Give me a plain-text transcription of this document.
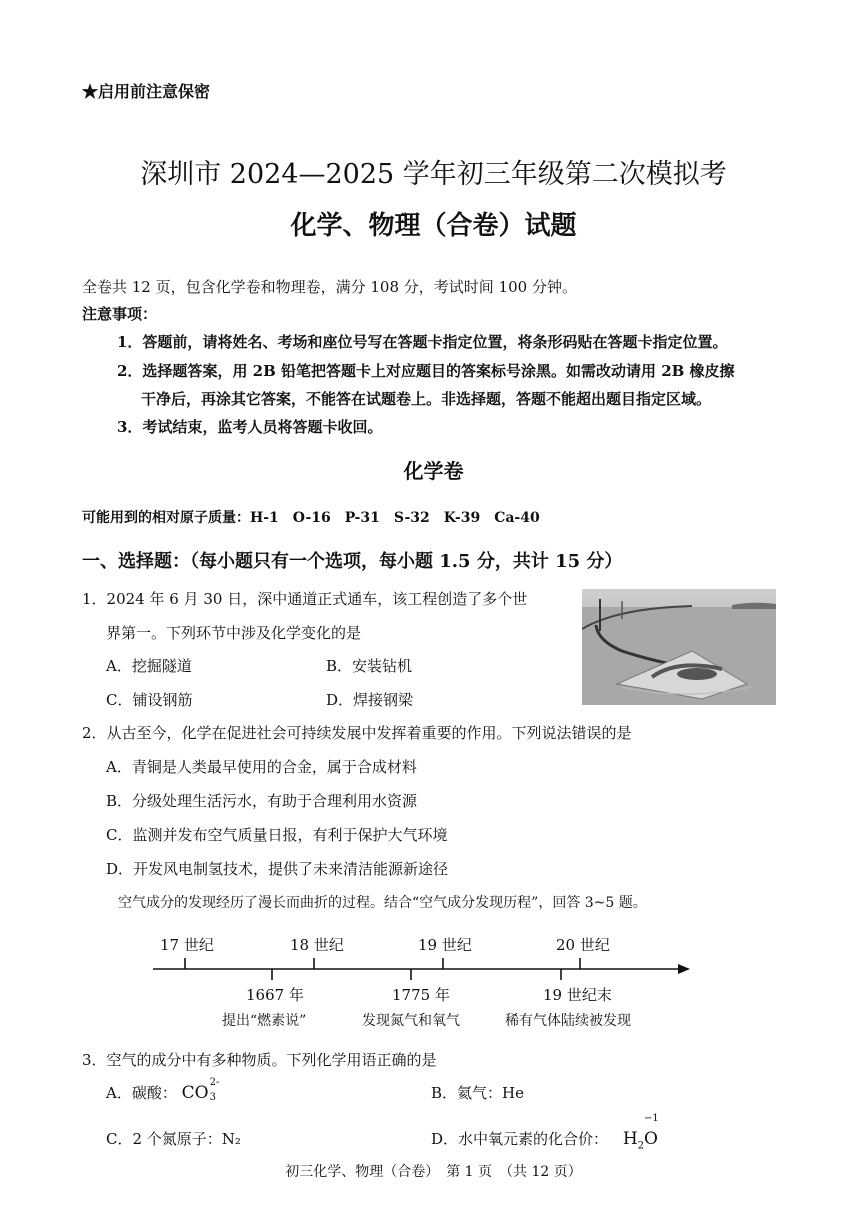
★启用前注意保密
深圳市 2024—2025 学年初三年级第二次模拟考
化学、物理（合卷）试题
全卷共 12 页，包含化学卷和物理卷，满分 108 分，考试时间 100 分钟。
注意事项：
1．答题前，请将姓名、考场和座位号写在答题卡指定位置，将条形码贴在答题卡指定位置。
2．选择题答案，用 2B 铅笔把答题卡上对应题目的答案标号涂黑。如需改动请用 2B 橡皮擦
干净后，再涂其它答案，不能答在试题卷上。非选择题，答题不能超出题目指定区域。
3．考试结束，监考人员将答题卡收回。
化学卷
可能用到的相对原子质量：H-1　O-16　P-31　S-32　K-39　Ca-40
一、选择题：（每小题只有一个选项，每小题 1.5 分，共计 15 分）
1．2024 年 6 月 30 日，深中通道正式通车，该工程创造了多个世
界第一。下列环节中涉及化学变化的是
A．挖掘隧道	B．安装钻机
C．铺设钢筋	D．焊接钢梁
2．从古至今，化学在促进社会可持续发展中发挥着重要的作用。下列说法错误的是
A．青铜是人类最早使用的合金，属于合成材料
B．分级处理生活污水，有助于合理利用水资源
C．监测并发布空气质量日报，有利于保护大气环境
D．开发风电制氢技术，提供了未来清洁能源新途径
空气成分的发现经历了漫长而曲折的过程。结合“空气成分发现历程”，回答 3~5 题。
17 世纪	18 世纪	19 世纪	20 世纪
1667 年	1775 年	19 世纪末
提出“燃素说”	发现氮气和氧气	稀有气体陆续被发现
3．空气的成分中有多种物质。下列化学用语正确的是
A．碳酸： CO
2-
3	B．氦气：He
C．2 个氮原子：N₂	D．水中氧元素的化合价： $H_2O$
−1
初三化学、物理（合卷）　第 1 页　（共 12 页）
